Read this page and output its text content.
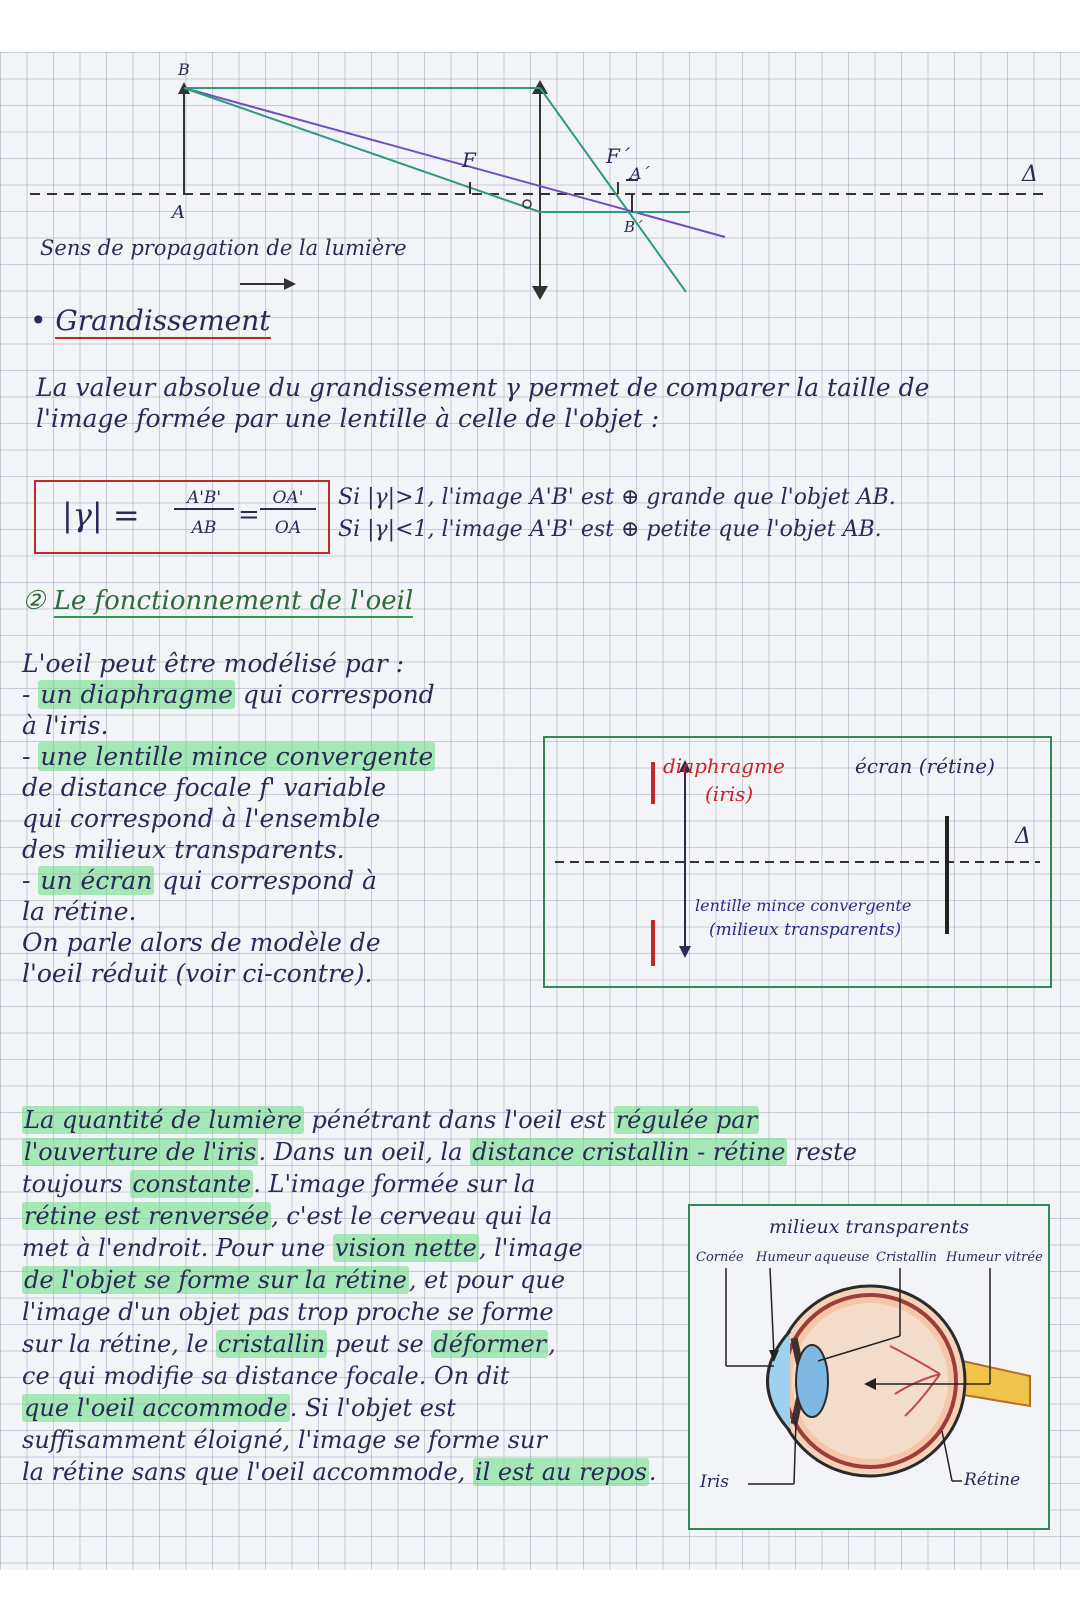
B
A
F	F´
A´
B´
Δ
Sens de propagation de la lumière
• Grandissement
La valeur absolue du grandissement γ permet de comparer la taille de
l'image formée par une lentille à celle de l'objet :
|γ| =	A'B'
AB =
OA'
OA
Si |γ|>1, l'image A'B' est ⊕ grande que l'objet AB.
Si |γ|<1, l'image A'B' est ⊕ petite que l'objet AB.
② Le fonctionnement de l'oeil
L'oeil peut être modélisé par :
- un diaphragme qui correspond
à l'iris.
- une lentille mince convergente
de distance focale f' variable
qui correspond à l'ensemble
des milieux transparents.
- un écran qui correspond à
la rétine.
On parle alors de modèle de
l'oeil réduit (voir ci-contre).
diaphragme
(iris)
écran (rétine)
Δ
lentille mince convergente
(milieux transparents)
La quantité de lumière pénétrant dans l'oeil est régulée par
l'ouverture de l'iris. Dans un oeil, la distance cristallin - rétine reste
toujours constante. L'image formée sur la
rétine est renversée, c'est le cerveau qui la
met à l'endroit. Pour une vision nette, l'image
de l'objet se forme sur la rétine, et pour que
l'image d'un objet pas trop proche se forme
sur la rétine, le cristallin peut se déformer,
ce qui modifie sa distance focale. On dit
que l'oeil accommode. Si l'objet est
suffisamment éloigné, l'image se forme sur
la rétine sans que l'oeil accommode, il est au repos.
milieux transparents
Cornée Humeur aqueuse Cristallin Humeur vitrée
Iris	Rétine
